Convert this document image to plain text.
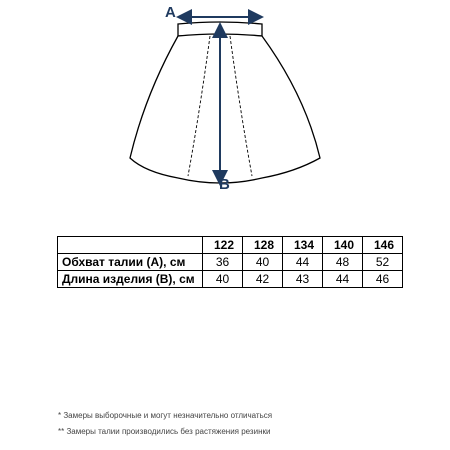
A
B
	122	128	134	140	146
Обхват талии (A), см	36	40	44	48	52
Длина изделия (B), см	40	42	43	44	46
* Замеры выборочные и могут незначительно отличаться
** Замеры талии производились без растяжения резинки
